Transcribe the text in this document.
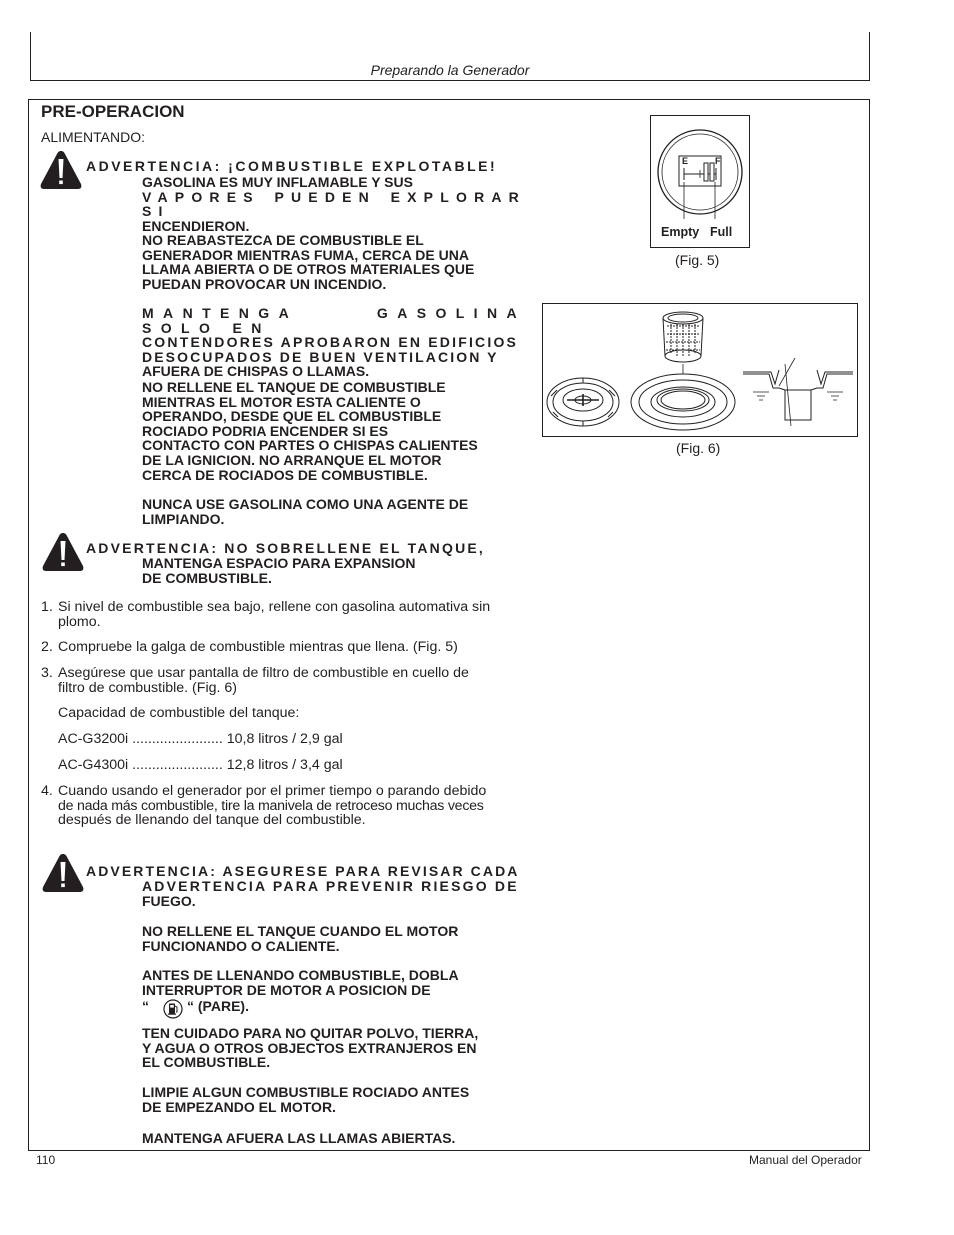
Preparando la Generador
PRE-OPERACION
ALIMENTANDO:
ADVERTENCIA: ¡COMBUSTIBLE EXPLOTABLE!
GASOLINA ES MUY INFLAMABLE Y SUS
VAPORES PUEDEN EXPLORAR SI
ENCENDIERON.
NO REABASTEZCA DE COMBUSTIBLE EL
GENERADOR MIENTRAS FUMA, CERCA DE UNA
LLAMA ABIERTA O DE OTROS MATERIALES QUE
PUEDAN PROVOCAR UN INCENDIO.
MANTENGA GASOLINA SOLO EN
CONTENDORES APROBARON EN EDIFICIOS
DESOCUPADOS DE BUEN VENTILACION Y
AFUERA DE CHISPAS O LLAMAS.
NO RELLENE EL TANQUE DE COMBUSTIBLE
MIENTRAS EL MOTOR ESTA CALIENTE O
OPERANDO, DESDE QUE EL COMBUSTIBLE
ROCIADO PODRIA ENCENDER SI ES
CONTACTO CON PARTES O CHISPAS CALIENTES
DE LA IGNICION. NO ARRANQUE EL MOTOR
CERCA DE ROCIADOS DE COMBUSTIBLE.
NUNCA USE GASOLINA COMO UNA AGENTE DE
LIMPIANDO.
ADVERTENCIA: NO SOBRELLENE EL TANQUE,
MANTENGA ESPACIO PARA EXPANSION
DE COMBUSTIBLE.
1. Si nivel de combustible sea bajo, rellene con gasolina automativa sin
plomo.
2. Compruebe la galga de combustible mientras que llena. (Fig. 5)
3. Asegúrese que usar pantalla de filtro de combustible en cuello de
filtro de combustible. (Fig. 6)
Capacidad de combustible del tanque:
AC-G3200i ....................... 10,8 litros / 2,9 gal
AC-G4300i ....................... 12,8 litros / 3,4 gal
4. Cuando usando el generador por el primer tiempo o parando debido
de nada más combustible, tire la manivela de retroceso muchas veces
después de llenando del tanque del combustible.
ADVERTENCIA: ASEGURESE PARA REVISAR CADA
ADVERTENCIA PARA PREVENIR RIESGO DE
FUEGO.
NO RELLENE EL TANQUE CUANDO EL MOTOR
FUNCIONANDO O CALIENTE.
ANTES DE LLENANDO COMBUSTIBLE, DOBLA
INTERRUPTOR DE MOTOR A POSICION DE
“	“ (PARE).
TEN CUIDADO PARA NO QUITAR POLVO, TIERRA,
Y AGUA O OTROS OBJECTOS EXTRANJEROS EN
EL COMBUSTIBLE.
LIMPIE ALGUN COMBUSTIBLE ROCIADO ANTES
DE EMPEZANDO EL MOTOR.
MANTENGA AFUERA LAS LLAMAS ABIERTAS.
E	F
Empty Full
(Fig. 5)
(Fig. 6)
110	Manual del Operador
